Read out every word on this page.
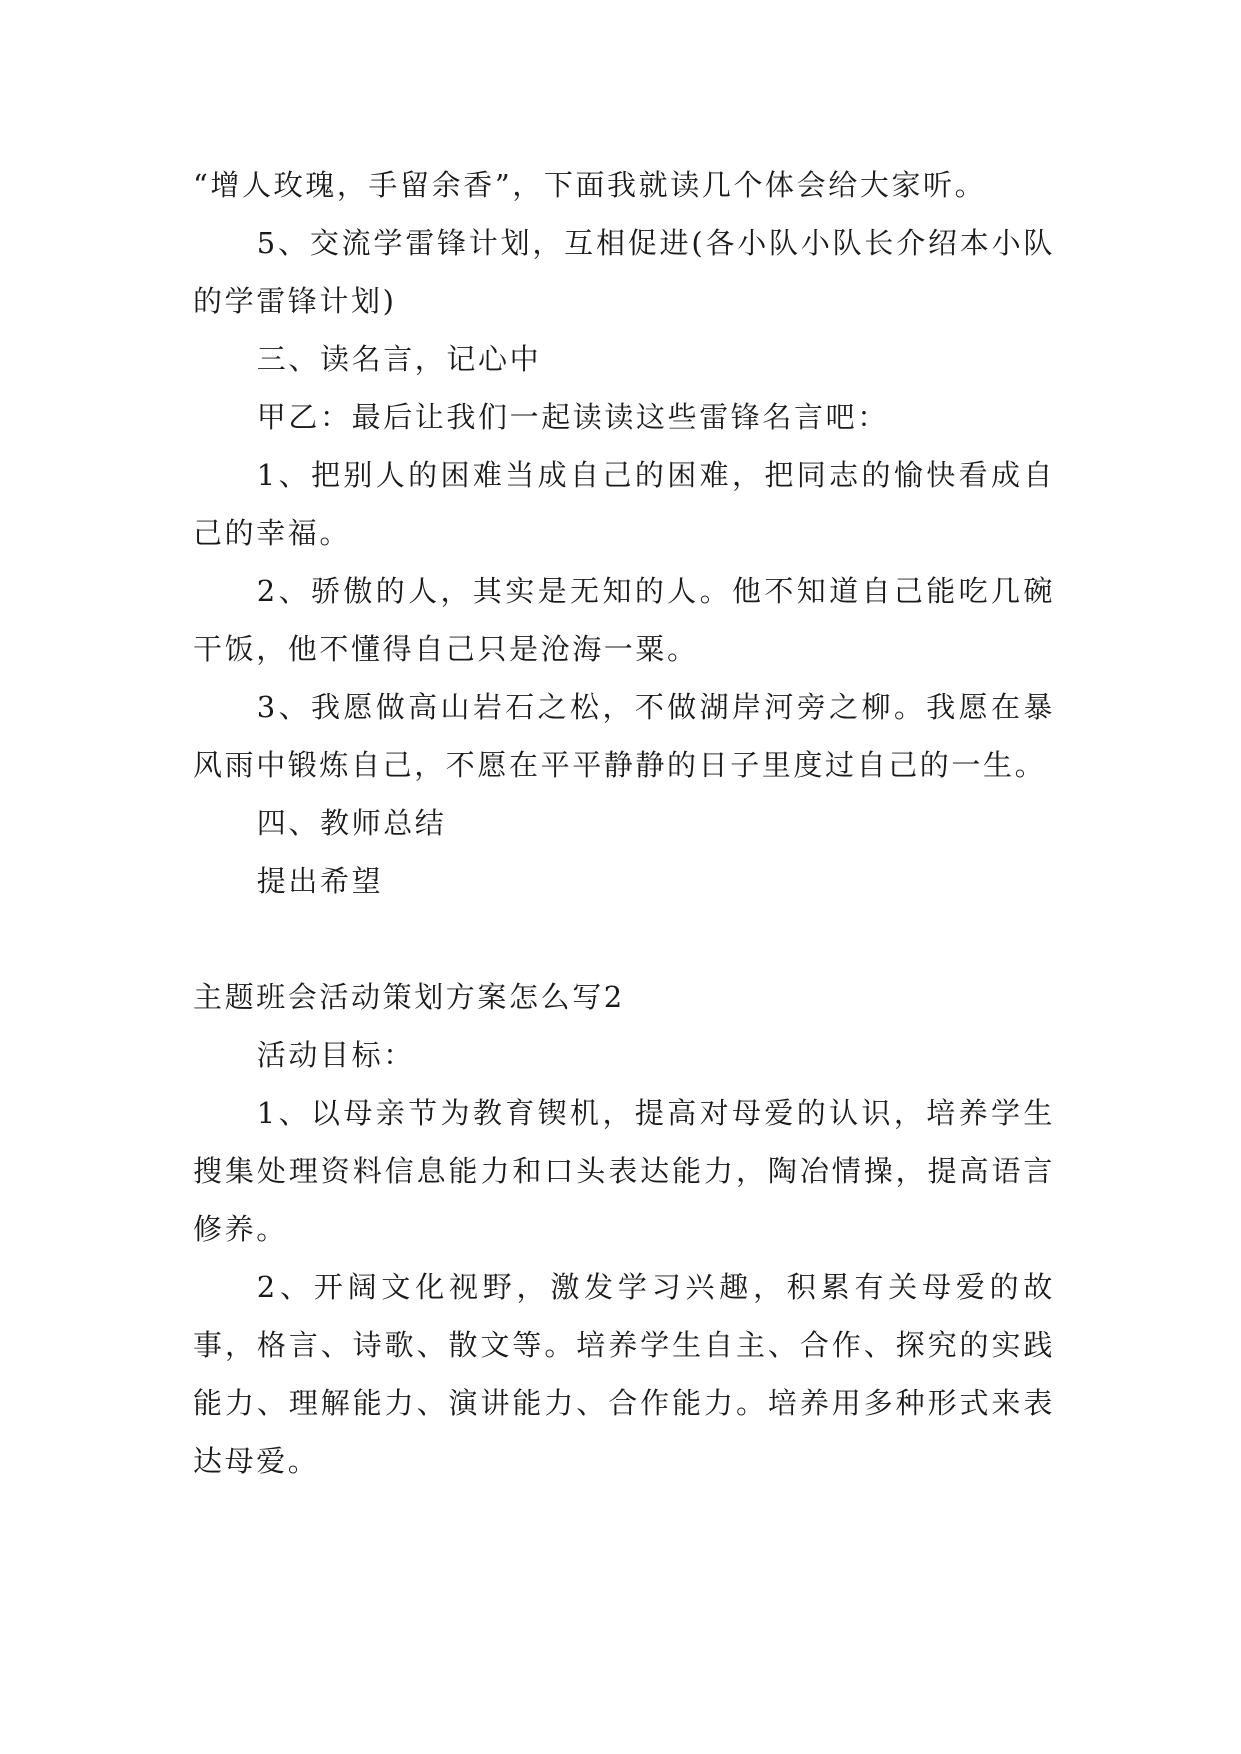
“增人玫瑰，手留余香”，下面我就读几个体会给大家听。

5、交流学雷锋计划，互相促进(各小队小队长介绍本小队的学雷锋计划)

三、读名言，记心中

甲乙：最后让我们一起读读这些雷锋名言吧：

1、把别人的困难当成自己的困难，把同志的愉快看成自己的幸福。

2、骄傲的人，其实是无知的人。他不知道自己能吃几碗干饭，他不懂得自己只是沧海一粟。

3、我愿做高山岩石之松，不做湖岸河旁之柳。我愿在暴风雨中锻炼自己，不愿在平平静静的日子里度过自己的一生。

四、教师总结

提出希望

主题班会活动策划方案怎么写2

活动目标：

1、以母亲节为教育锲机，提高对母爱的认识，培养学生搜集处理资料信息能力和口头表达能力，陶冶情操，提高语言修养。

2、开阔文化视野，激发学习兴趣，积累有关母爱的故事，格言、诗歌、散文等。培养学生自主、合作、探究的实践能力、理解能力、演讲能力、合作能力。培养用多种形式来表达母爱。
